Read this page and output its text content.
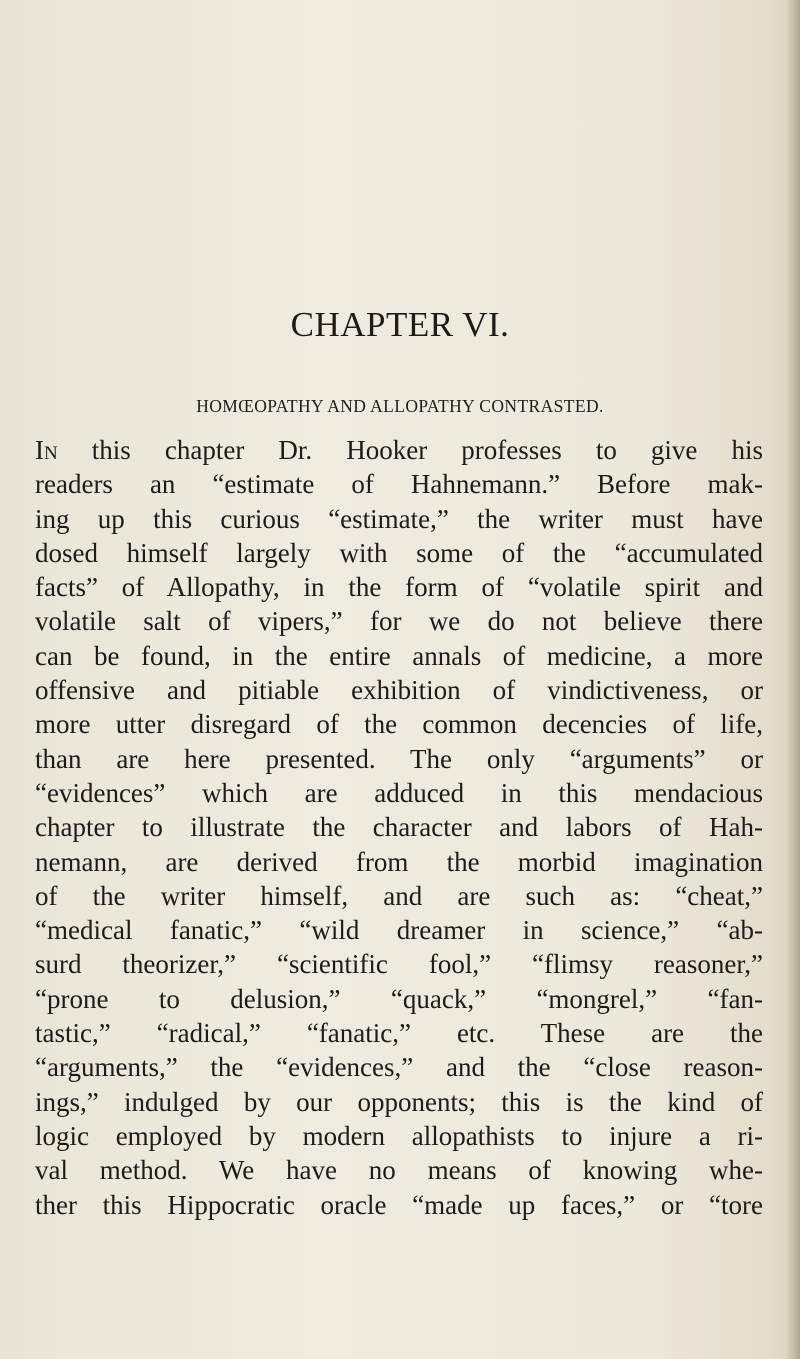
CHAPTER VI.
HOMŒOPATHY AND ALLOPATHY CONTRASTED.
In this chapter Dr. Hooker professes to give his
readers an “estimate of Hahnemann.” Before mak-
ing up this curious “estimate,” the writer must have
dosed himself largely with some of the “accumulated
facts” of Allopathy, in the form of “volatile spirit and
volatile salt of vipers,” for we do not believe there
can be found, in the entire annals of medicine, a more
offensive and pitiable exhibition of vindictiveness, or
more utter disregard of the common decencies of life,
than are here presented. The only “arguments” or
“evidences” which are adduced in this mendacious
chapter to illustrate the character and labors of Hah-
nemann, are derived from the morbid imagination
of the writer himself, and are such as: “cheat,”
“medical fanatic,” “wild dreamer in science,” “ab-
surd theorizer,” “scientific fool,” “flimsy reasoner,”
“prone to delusion,” “quack,” “mongrel,” “fan-
tastic,” “radical,” “fanatic,” etc. These are the
“arguments,” the “evidences,” and the “close reason-
ings,” indulged by our opponents; this is the kind of
logic employed by modern allopathists to injure a ri-
val method. We have no means of knowing whe-
ther this Hippocratic oracle “made up faces,” or “tore
